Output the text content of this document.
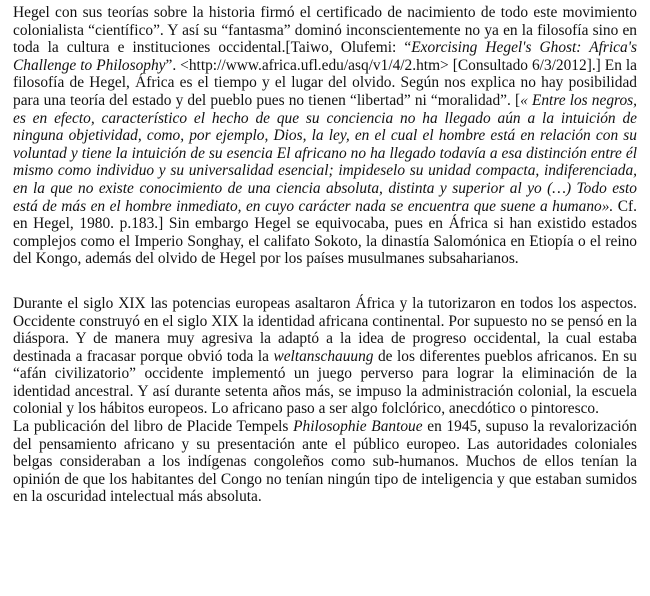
Hegel con sus teorías sobre la historia firmó el certificado de nacimiento de todo este movimiento colonialista “científico”. Y así su “fantasma” dominó inconscientemente no ya en la filosofía sino en toda la cultura e instituciones occidental.[Taiwo, Olufemi: “Exorcising Hegel's Ghost: Africa's Challenge to Philosophy”. <http://www.africa.ufl.edu/asq/v1/4/2.htm> [Consultado 6/3/2012].] En la filosofía de Hegel, África es el tiempo y el lugar del olvido. Según nos explica no hay posibilidad para una teoría del estado y del pueblo pues no tienen “libertad” ni “moralidad”. [« Entre los negros, es en efecto, característico el hecho de que su conciencia no ha llegado aún a la intuición de ninguna objetividad, como, por ejemplo, Dios, la ley, en el cual el hombre está en relación con su voluntad y tiene la intuición de su esencia El africano no ha llegado todavía a esa distinción entre él mismo como individuo y su universalidad esencial; impideselo su unidad compacta, indiferenciada, en la que no existe conocimiento de una ciencia absoluta, distinta y superior al yo (…) Todo esto está de más en el hombre inmediato, en cuyo carácter nada se encuentra que suene a humano». Cf. en Hegel, 1980. p.183.] Sin embargo Hegel se equivocaba, pues en África si han existido estados complejos como el Imperio Songhay, el califato Sokoto, la dinastía Salomónica en Etiopía o el reino del Kongo, además del olvido de Hegel por los países musulmanes subsaharianos.

Durante el siglo XIX las potencias europeas asaltaron África y la tutorizaron en todos los aspectos. Occidente construyó en el siglo XIX la identidad africana continental. Por supuesto no se pensó en la diáspora. Y de manera muy agresiva la adaptó a la idea de progreso occidental, la cual estaba destinada a fracasar porque obvió toda la weltanschauung de los diferentes pueblos africanos. En su “afán civilizatorio” occidente implementó un juego perverso para lograr la eliminación de la identidad ancestral. Y así durante setenta años más, se impuso la administración colonial, la escuela colonial y los hábitos europeos. Lo africano paso a ser algo folclórico, anecdótico o pintoresco.

La publicación del libro de Placide Tempels Philosophie Bantoue en 1945, supuso la revalorización del pensamiento africano y su presentación ante el público europeo. Las autoridades coloniales belgas consideraban a los indígenas congoleños como sub-humanos. Muchos de ellos tenían la opinión de que los habitantes del Congo no tenían ningún tipo de inteligencia y que estaban sumidos en la oscuridad intelectual más absoluta.
